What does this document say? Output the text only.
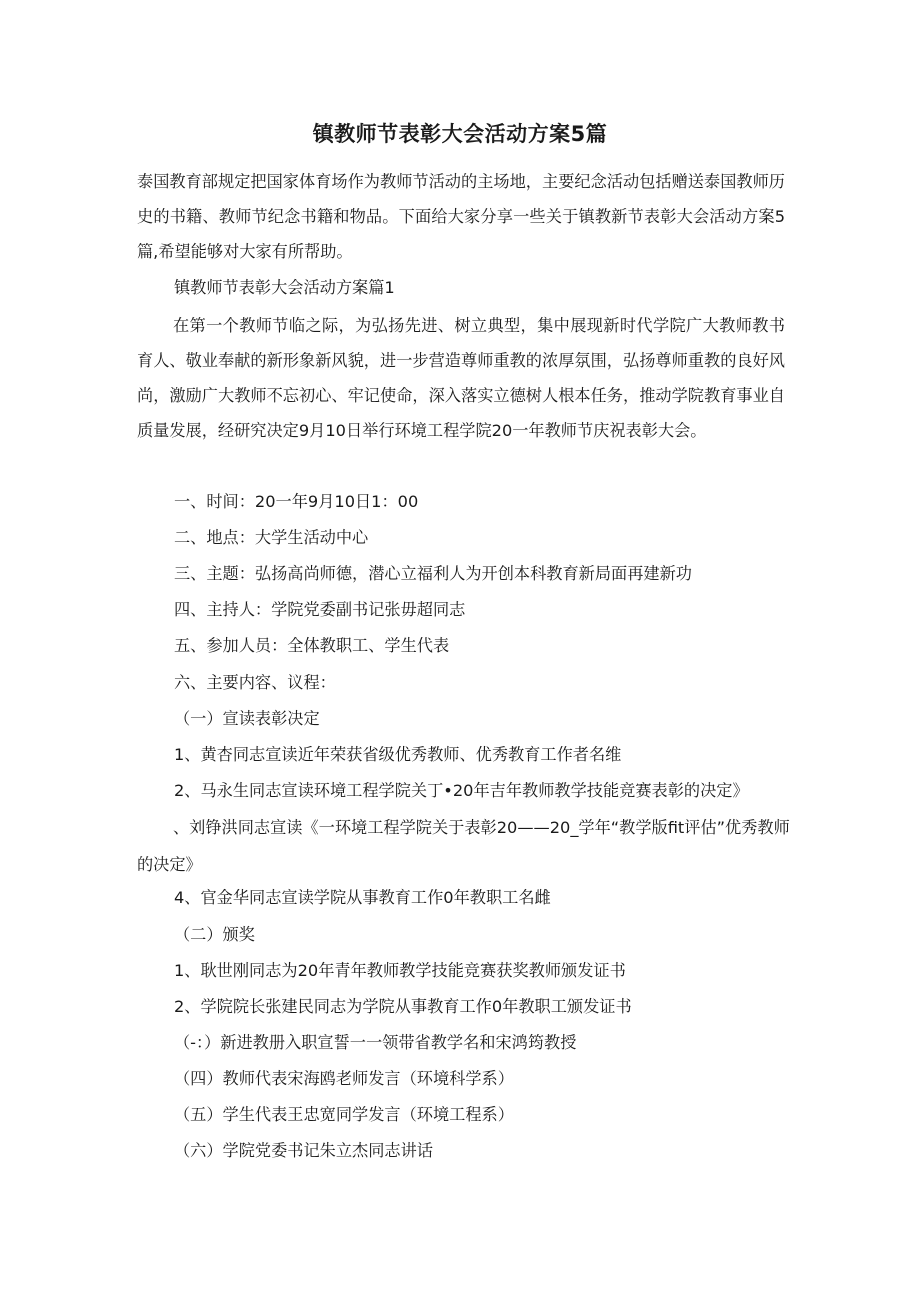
镇教师节表彰大会活动方案5篇

泰国教育部规定把国家体育场作为教师节活动的主场地，主要纪念活动包括赠送泰国教师历史的书籍、教师节纪念书籍和物品。下面给大家分享一些关于镇教新节表彰大会活动方案5篇,希望能够对大家有所帮助。

镇教师节表彰大会活动方案篇1

在第一个教师节临之际，为弘扬先进、树立典型，集中展现新时代学院广大教师教书育人、敬业奉献的新形象新风貌，进一步营造尊师重教的浓厚氛围，弘扬尊师重教的良好风尚，激励广大教师不忘初心、牢记使命，深入落实立德树人根本任务，推动学院教育事业自质量发展，经研究决定9月10日举行环境工程学院20一年教师节庆祝表彰大会。

一、时间：20一年9月10日1：00

二、地点：大学生活动中心

三、主题：弘扬高尚师德，潜心立福利人为开创本科教育新局面再建新功

四、主持人：学院党委副书记张毋超同志

五、参加人员：全体教职工、学生代表

六、主要内容、议程：

（一）宣读表彰决定

1、黄杏同志宣读近年荣获省级优秀教师、优秀教育工作者名维

2、马永生同志宣读环境工程学院关丁•20年吉年教师教学技能竞赛表彰的决定》

、刘铮洪同志宣读《一环境工程学院关于表彰20——20_学年“教学版fit评估”优秀教师的决定》

4、官金华同志宣读学院从事教育工作0年教职工名雌

（二）颁奖

1、耿世刚同志为20年青年教师教学技能竞赛获奖教师颁发证书

2、学院院长张建民同志为学院从事教育工作0年教职工颁发证书

（-：）新进教册入职宣誓一一领带省教学名和宋鸿筠教授

（四）教师代表宋海鸥老师发言（环境科学系）

（五）学生代表王忠宽同学发言（环境工程系）

（六）学院党委书记朱立杰同志讲话
